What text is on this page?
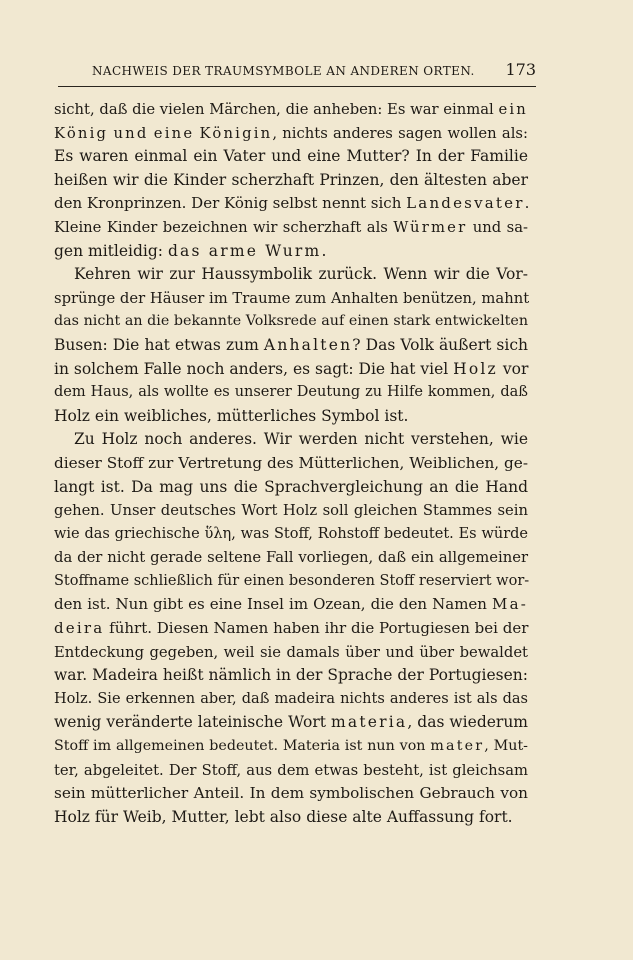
NACHWEIS DER TRAUMSYMBOLE AN ANDEREN ORTEN. 173
sicht, daß die vielen Märchen, die anheben: Es war einmal ein
König und eine Königin, nichts anderes sagen wollen als:
Es waren einmal ein Vater und eine Mutter? In der Familie
heißen wir die Kinder scherzhaft Prinzen, den ältesten aber
den Kronprinzen. Der König selbst nennt sich Landesvater.
Kleine Kinder bezeichnen wir scherzhaft als Würmer und sa-
gen mitleidig: das arme Wurm.
Kehren wir zur Haussymbolik zurück. Wenn wir die Vor-
sprünge der Häuser im Traume zum Anhalten benützen, mahnt
das nicht an die bekannte Volksrede auf einen stark entwickelten
Busen: Die hat etwas zum Anhalten? Das Volk äußert sich
in solchem Falle noch anders, es sagt: Die hat viel Holz vor
dem Haus, als wollte es unserer Deutung zu Hilfe kommen, daß
Holz ein weibliches, mütterliches Symbol ist.
Zu Holz noch anderes. Wir werden nicht verstehen, wie
dieser Stoff zur Vertretung des Mütterlichen, Weiblichen, ge-
langt ist. Da mag uns die Sprachvergleichung an die Hand
gehen. Unser deutsches Wort Holz soll gleichen Stammes sein
wie das griechische ὕλη, was Stoff, Rohstoff bedeutet. Es würde
da der nicht gerade seltene Fall vorliegen, daß ein allgemeiner
Stoffname schließlich für einen besonderen Stoff reserviert wor-
den ist. Nun gibt es eine Insel im Ozean, die den Namen Ma-
deira führt. Diesen Namen haben ihr die Portugiesen bei der
Entdeckung gegeben, weil sie damals über und über bewaldet
war. Madeira heißt nämlich in der Sprache der Portugiesen:
Holz. Sie erkennen aber, daß madeira nichts anderes ist als das
wenig veränderte lateinische Wort materia, das wiederum
Stoff im allgemeinen bedeutet. Materia ist nun von mater, Mut-
ter, abgeleitet. Der Stoff, aus dem etwas besteht, ist gleichsam
sein mütterlicher Anteil. In dem symbolischen Gebrauch von
Holz für Weib, Mutter, lebt also diese alte Auffassung fort.
